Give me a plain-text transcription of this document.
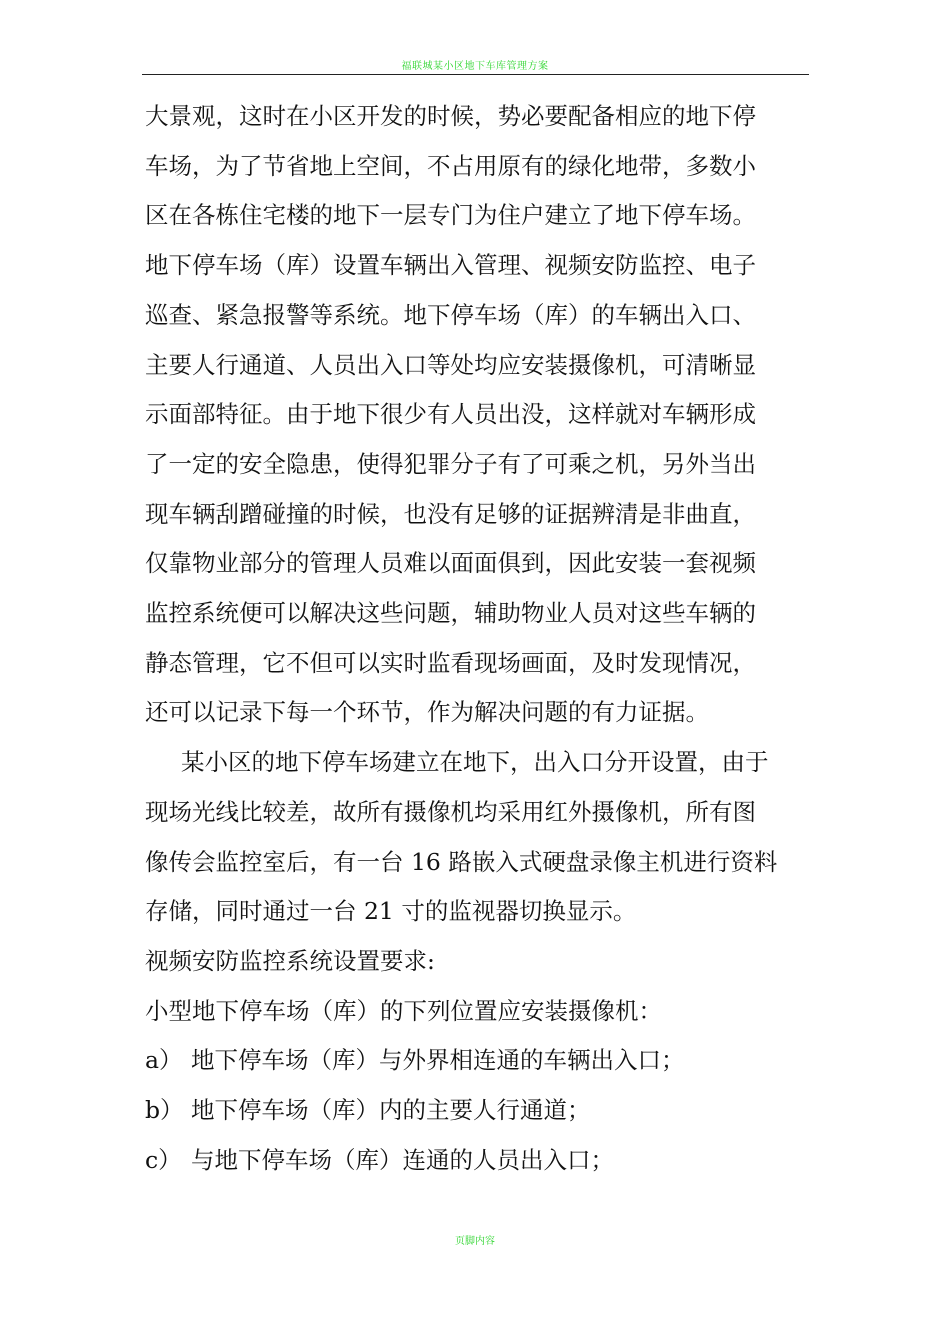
福联城某小区地下车库管理方案
大景观，这时在小区开发的时候，势必要配备相应的地下停
车场，为了节省地上空间，不占用原有的绿化地带，多数小
区在各栋住宅楼的地下一层专门为住户建立了地下停车场。
地下停车场（库）设置车辆出入管理、视频安防监控、电子
巡查、紧急报警等系统。地下停车场（库）的车辆出入口、
主要人行通道、人员出入口等处均应安装摄像机，可清晰显
示面部特征。由于地下很少有人员出没，这样就对车辆形成
了一定的安全隐患，使得犯罪分子有了可乘之机，另外当出
现车辆刮蹭碰撞的时候，也没有足够的证据辨清是非曲直，
仅靠物业部分的管理人员难以面面俱到，因此安装一套视频
监控系统便可以解决这些问题，辅助物业人员对这些车辆的
静态管理，它不但可以实时监看现场画面，及时发现情况，
还可以记录下每一个环节，作为解决问题的有力证据。
某小区的地下停车场建立在地下，出入口分开设置，由于
现场光线比较差，故所有摄像机均采用红外摄像机，所有图
像传会监控室后，有一台 16 路嵌入式硬盘录像主机进行资料
存储，同时通过一台 21 寸的监视器切换显示。
视频安防监控系统设置要求:
小型地下停车场（库）的下列位置应安装摄像机：
a） 地下停车场（库）与外界相连通的车辆出入口；
b） 地下停车场（库）内的主要人行通道；
c） 与地下停车场（库）连通的人员出入口；
页脚内容
